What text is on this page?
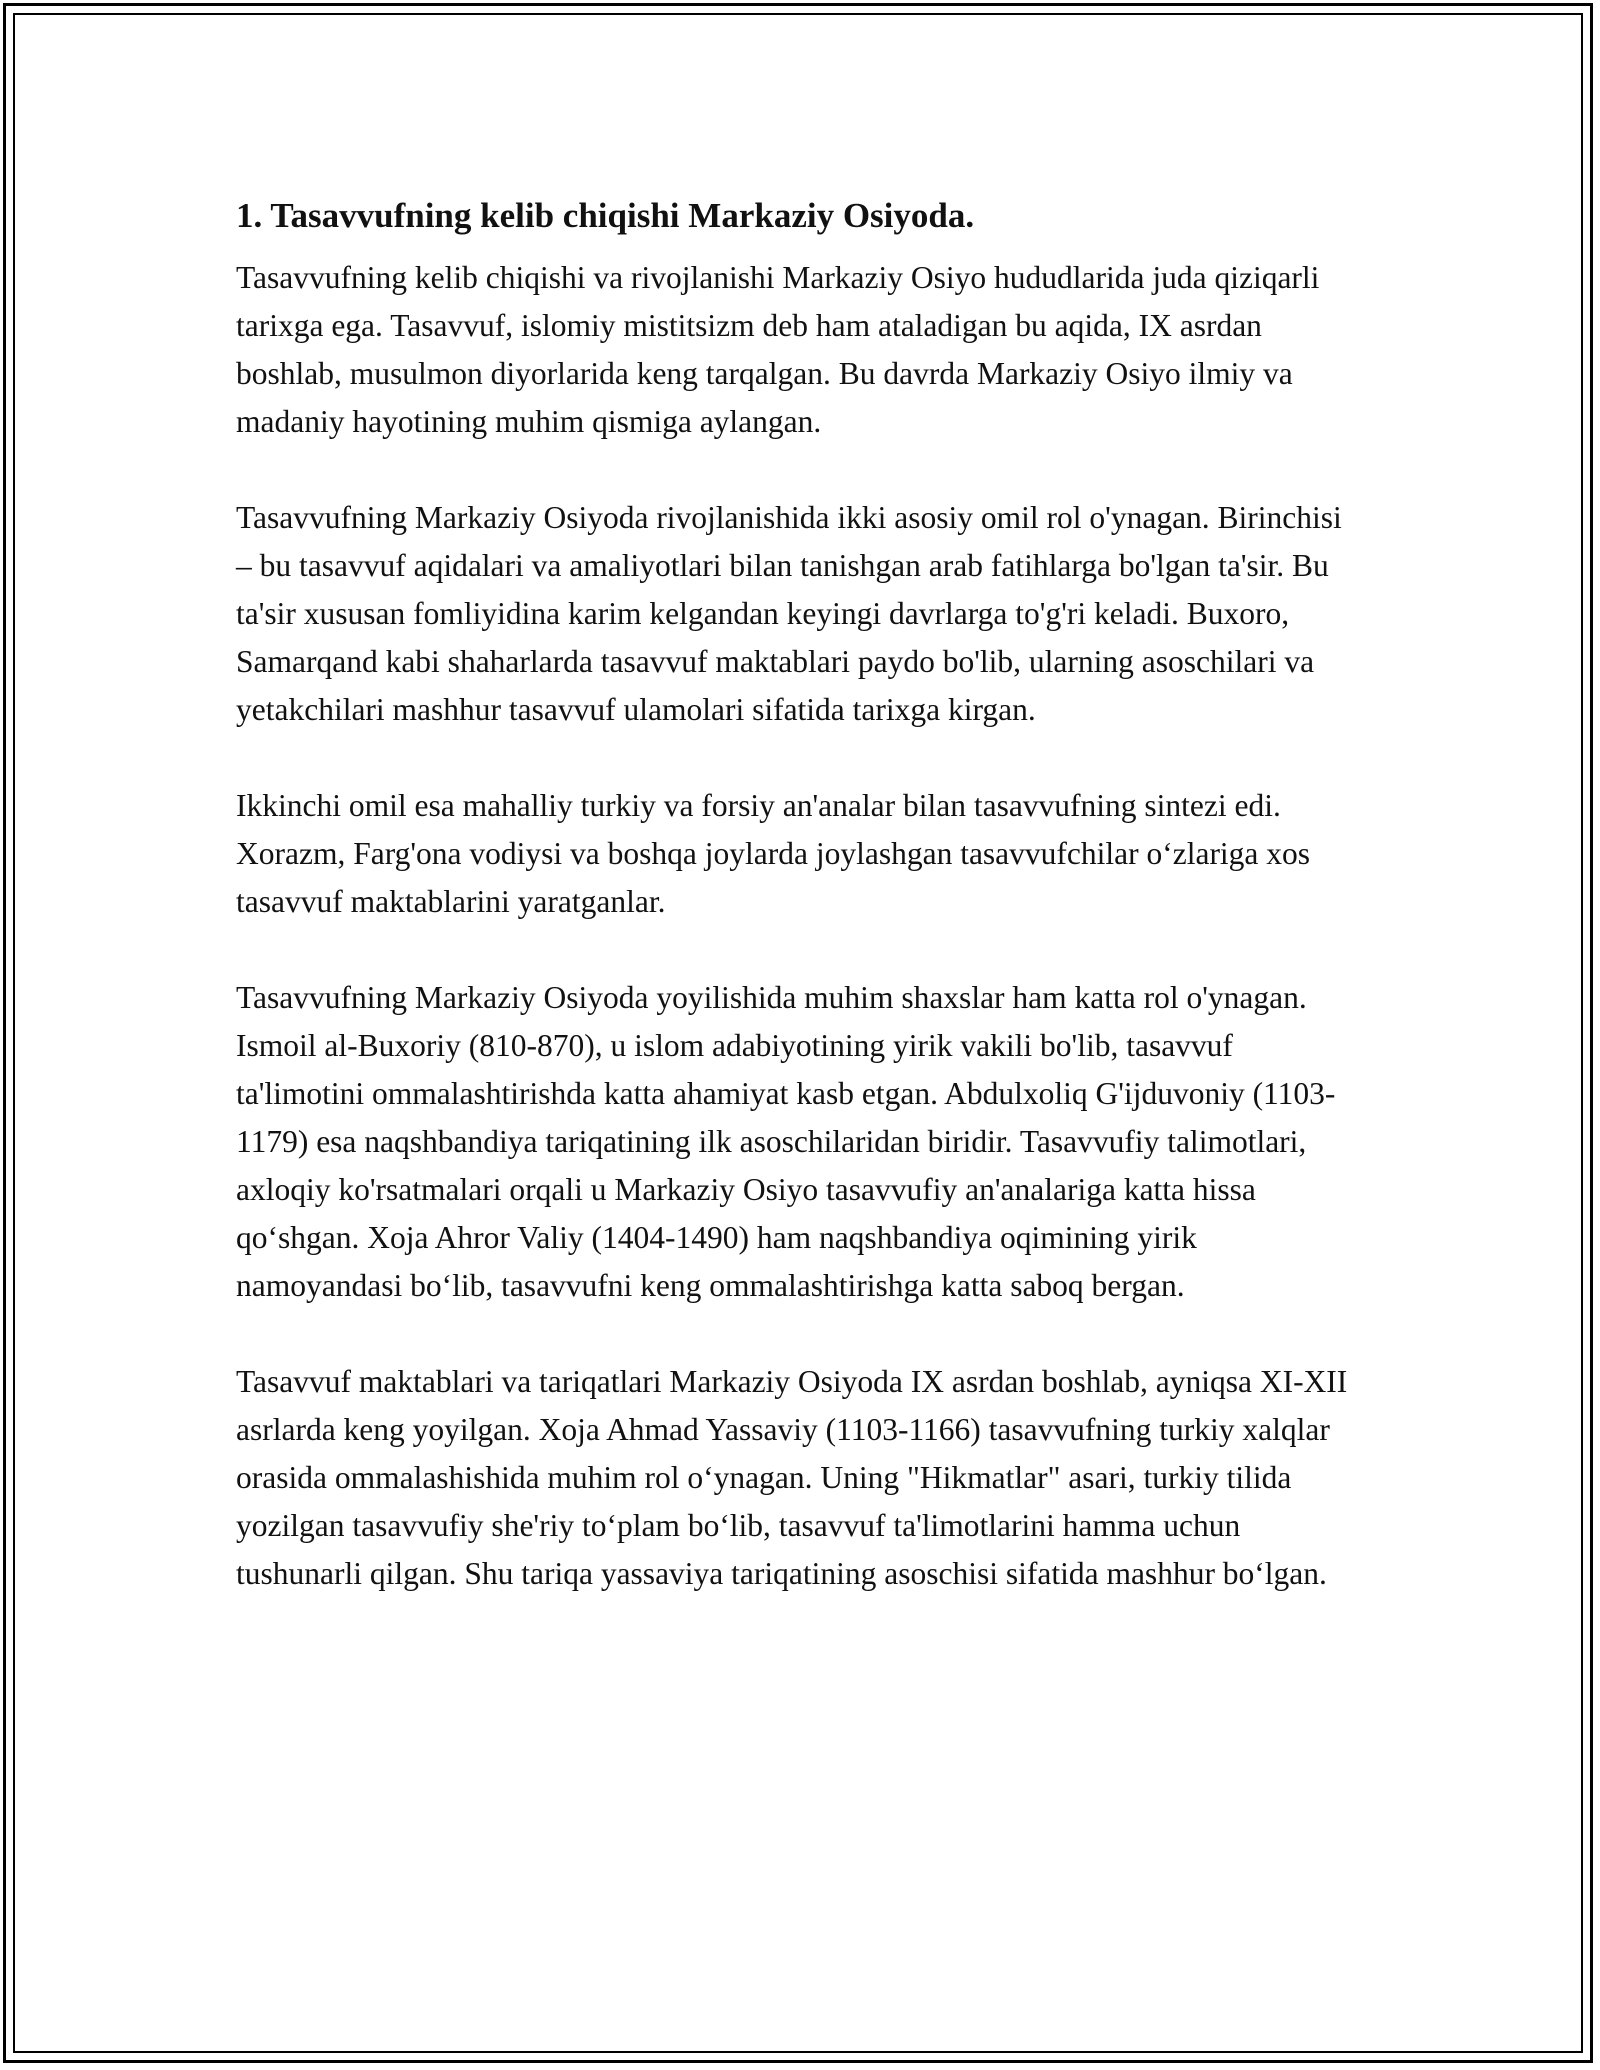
1. Tasavvufning kelib chiqishi Markaziy Osiyoda.

Tasavvufning kelib chiqishi va rivojlanishi Markaziy Osiyo hududlarida juda qiziqarli tarixga ega. Tasavvuf, islomiy mistitsizm deb ham ataladigan bu aqida, IX asrdan boshlab, musulmon diyorlarida keng tarqalgan. Bu davrda Markaziy Osiyo ilmiy va madaniy hayotining muhim qismiga aylangan.

Tasavvufning Markaziy Osiyoda rivojlanishida ikki asosiy omil rol o'ynagan. Birinchisi – bu tasavvuf aqidalari va amaliyotlari bilan tanishgan arab fatihlarga bo'lgan ta'sir. Bu ta'sir xususan fomliyidina karim kelgandan keyingi davrlarga to'g'ri keladi. Buxoro, Samarqand kabi shaharlarda tasavvuf maktablari paydo bo'lib, ularning asoschilari va yetakchilari mashhur tasavvuf ulamolari sifatida tarixga kirgan.

Ikkinchi omil esa mahalliy turkiy va forsiy an'analar bilan tasavvufning sintezi edi. Xorazm, Farg'ona vodiysi va boshqa joylarda joylashgan tasavvufchilar o‘zlariga xos tasavvuf maktablarini yaratganlar.

Tasavvufning Markaziy Osiyoda yoyilishida muhim shaxslar ham katta rol o'ynagan. Ismoil al-Buxoriy (810-870), u islom adabiyotining yirik vakili bo'lib, tasavvuf ta'limotini ommalashtirishda katta ahamiyat kasb etgan. Abdulxoliq G'ijduvoniy (1103-1179) esa naqshbandiya tariqatining ilk asoschilaridan biridir. Tasavvufiy talimotlari, axloqiy ko'rsatmalari orqali u Markaziy Osiyo tasavvufiy an'analariga katta hissa qo‘shgan. Xoja Ahror Valiy (1404-1490) ham naqshbandiya oqimining yirik namoyandasi bo‘lib, tasavvufni keng ommalashtirishga katta saboq bergan.

Tasavvuf maktablari va tariqatlari Markaziy Osiyoda IX asrdan boshlab, ayniqsa XI-XII asrlarda keng yoyilgan. Xoja Ahmad Yassaviy (1103-1166) tasavvufning turkiy xalqlar orasida ommalashishida muhim rol o‘ynagan. Uning "Hikmatlar" asari, turkiy tilida yozilgan tasavvufiy she'riy to‘plam bo‘lib, tasavvuf ta'limotlarini hamma uchun tushunarli qilgan. Shu tariqa yassaviya tariqatining asoschisi sifatida mashhur bo‘lgan.
